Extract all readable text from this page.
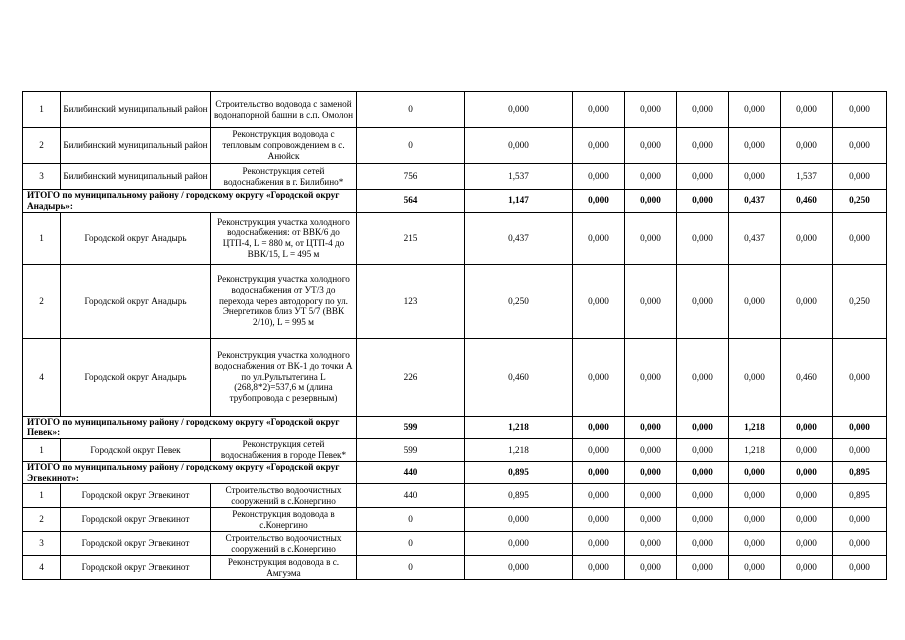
1	Билибинский муниципальный район	Строительство водовода с заменой водонапорной башни в с.п. Омолон	0	0,000	0,000	0,000	0,000	0,000	0,000	0,000
2	Билибинский муниципальный район	Реконструкция водовода с тепловым сопровождением в с. Анюйск	0	0,000	0,000	0,000	0,000	0,000	0,000	0,000
3	Билибинский муниципальный район	Реконструкция сетей водоснабжения в г. Билибино*	756	1,537	0,000	0,000	0,000	0,000	1,537	0,000
ИТОГО по муниципальному району / городскому округу «Городской округ Анадырь»:			564	1,147	0,000	0,000	0,000	0,437	0,460	0,250
1	Городской округ Анадырь	Реконструкция участка холодного водоснабжения: от ВВК/6 до ЦТП-4, L = 880 м, от ЦТП-4 до ВВК/15, L = 495 м	215	0,437	0,000	0,000	0,000	0,437	0,000	0,000
2	Городской округ Анадырь	Реконструкция участка холодного водоснабжения от УТ/3 до перехода через автодорогу по ул. Энергетиков близ УТ 5/7 (ВВК 2/10), L = 995 м	123	0,250	0,000	0,000	0,000	0,000	0,000	0,250
4	Городской округ Анадырь	Реконструкция участка холодного водоснабжения от ВК-1 до точки А по ул.Рультытегина L (268,8*2)=537,6 м (длина трубопровода с резервным)	226	0,460	0,000	0,000	0,000	0,000	0,460	0,000
ИТОГО по муниципальному району / городскому округу «Городской округ Певек»:			599	1,218	0,000	0,000	0,000	1,218	0,000	0,000
1	Городской округ Певек	Реконструкция сетей водоснабжения в городе Певек*	599	1,218	0,000	0,000	0,000	1,218	0,000	0,000
ИТОГО по муниципальному району / городскому округу «Городской округ Эгвекинот»:			440	0,895	0,000	0,000	0,000	0,000	0,000	0,895
1	Городской округ Эгвекинот	Строительство водоочистных сооружений в с.Конергино	440	0,895	0,000	0,000	0,000	0,000	0,000	0,895
2	Городской округ Эгвекинот	Реконструкция водовода в с.Конергино	0	0,000	0,000	0,000	0,000	0,000	0,000	0,000
3	Городской округ Эгвекинот	Строительство водоочистных сооружений в с.Конергино	0	0,000	0,000	0,000	0,000	0,000	0,000	0,000
4	Городской округ Эгвекинот	Реконструкция водовода в с. Амгуэма	0	0,000	0,000	0,000	0,000	0,000	0,000	0,000
